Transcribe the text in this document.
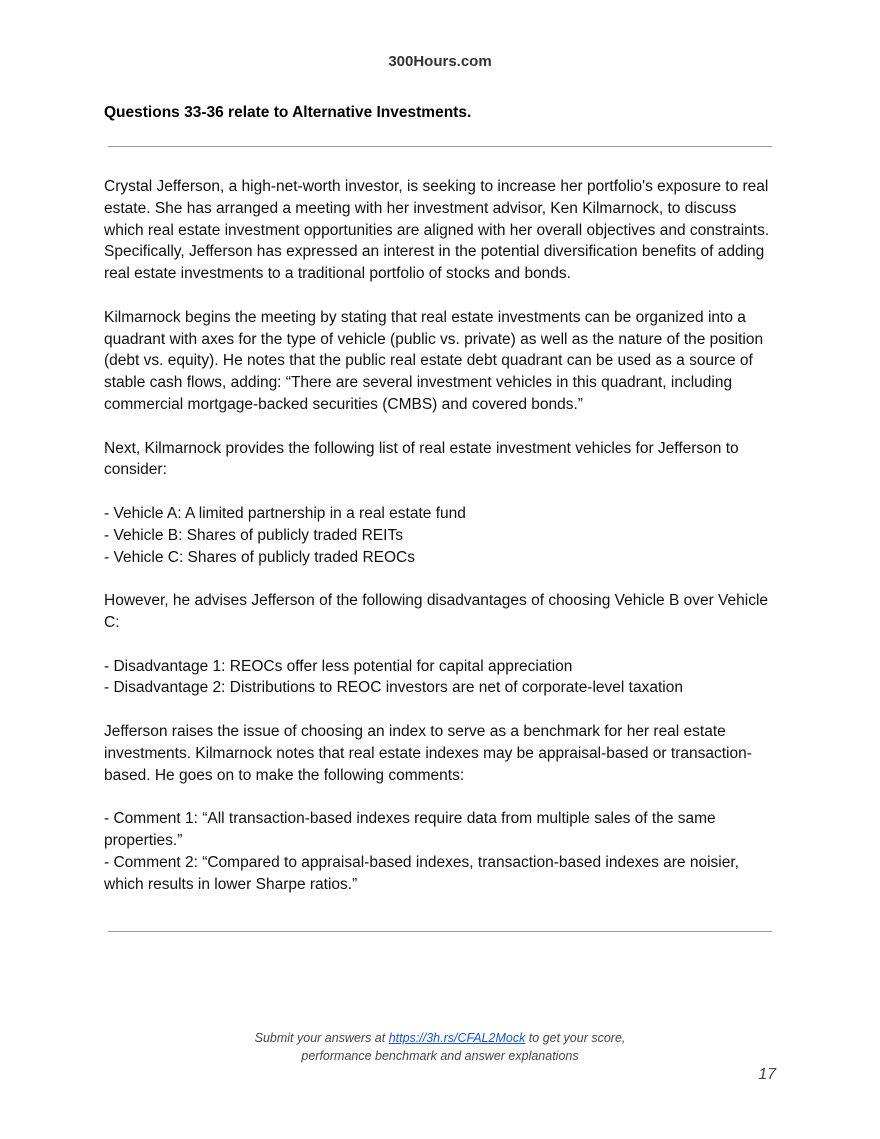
300Hours.com
Questions 33-36 relate to Alternative Investments.

Crystal Jefferson, a high-net-worth investor, is seeking to increase her portfolio's exposure to real estate. She has arranged a meeting with her investment advisor, Ken Kilmarnock, to discuss which real estate investment opportunities are aligned with her overall objectives and constraints. Specifically, Jefferson has expressed an interest in the potential diversification benefits of adding real estate investments to a traditional portfolio of stocks and bonds.

Kilmarnock begins the meeting by stating that real estate investments can be organized into a quadrant with axes for the type of vehicle (public vs. private) as well as the nature of the position (debt vs. equity). He notes that the public real estate debt quadrant can be used as a source of stable cash flows, adding: “There are several investment vehicles in this quadrant, including commercial mortgage-backed securities (CMBS) and covered bonds.”

Next, Kilmarnock provides the following list of real estate investment vehicles for Jefferson to consider:

- Vehicle A: A limited partnership in a real estate fund
- Vehicle B: Shares of publicly traded REITs
- Vehicle C: Shares of publicly traded REOCs

However, he advises Jefferson of the following disadvantages of choosing Vehicle B over Vehicle C:

- Disadvantage 1: REOCs offer less potential for capital appreciation
- Disadvantage 2: Distributions to REOC investors are net of corporate-level taxation

Jefferson raises the issue of choosing an index to serve as a benchmark for her real estate investments. Kilmarnock notes that real estate indexes may be appraisal-based or transaction-based. He goes on to make the following comments:

- Comment 1: “All transaction-based indexes require data from multiple sales of the same properties.”
- Comment 2: “Compared to appraisal-based indexes, transaction-based indexes are noisier, which results in lower Sharpe ratios.”
Submit your answers at https://3h.rs/CFAL2Mock to get your score,
performance benchmark and answer explanations
17
